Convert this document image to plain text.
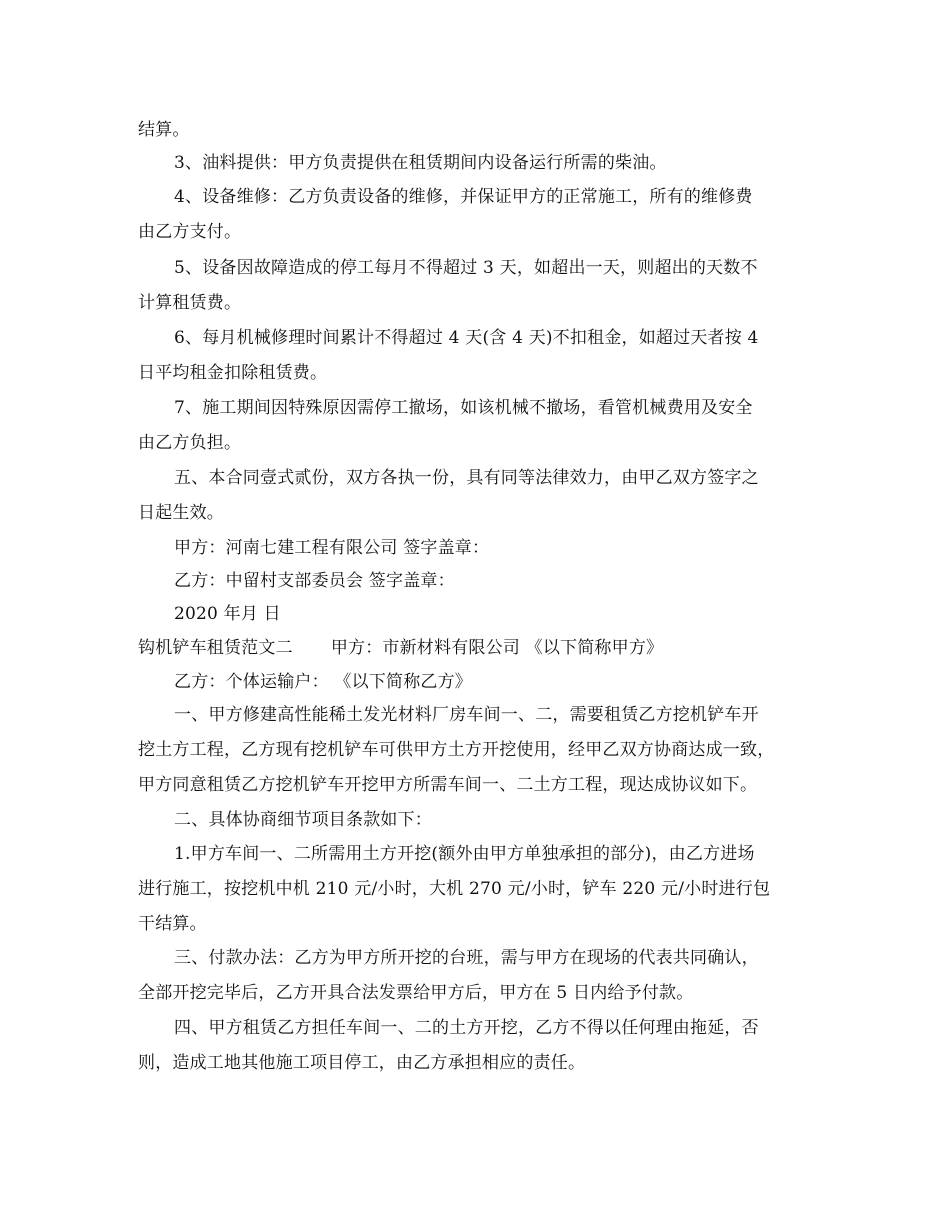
结算。
3、油料提供：甲方负责提供在租赁期间内设备运行所需的柴油。
4、设备维修：乙方负责设备的维修，并保证甲方的正常施工，所有的维修费
由乙方支付。
5、设备因故障造成的停工每月不得超过 3 天，如超出一天，则超出的天数不
计算租赁费。
6、每月机械修理时间累计不得超过 4 天(含 4 天)不扣租金，如超过天者按 4
日平均租金扣除租赁费。
7、施工期间因特殊原因需停工撤场，如该机械不撤场，看管机械费用及安全
由乙方负担。
五、本合同壹式贰份，双方各执一份，具有同等法律效力，由甲乙双方签字之
日起生效。
甲方：河南七建工程有限公司 签字盖章：
乙方：中留村支部委员会 签字盖章：
2020 年月 日
钩机铲车租赁范文二 甲方：市新材料有限公司 《以下简称甲方》
乙方：个体运输户： 《以下简称乙方》
一、甲方修建高性能稀土发光材料厂房车间一、二，需要租赁乙方挖机铲车开
挖土方工程，乙方现有挖机铲车可供甲方土方开挖使用，经甲乙双方协商达成一致，
甲方同意租赁乙方挖机铲车开挖甲方所需车间一、二土方工程，现达成协议如下。
二、具体协商细节项目条款如下：
1.甲方车间一、二所需用土方开挖(额外由甲方单独承担的部分)，由乙方进场
进行施工，按挖机中机 210 元/小时，大机 270 元/小时，铲车 220 元/小时进行包
干结算。
三、付款办法：乙方为甲方所开挖的台班，需与甲方在现场的代表共同确认，
全部开挖完毕后，乙方开具合法发票给甲方后，甲方在 5 日内给予付款。
四、甲方租赁乙方担任车间一、二的土方开挖，乙方不得以任何理由拖延，否
则，造成工地其他施工项目停工，由乙方承担相应的责任。
